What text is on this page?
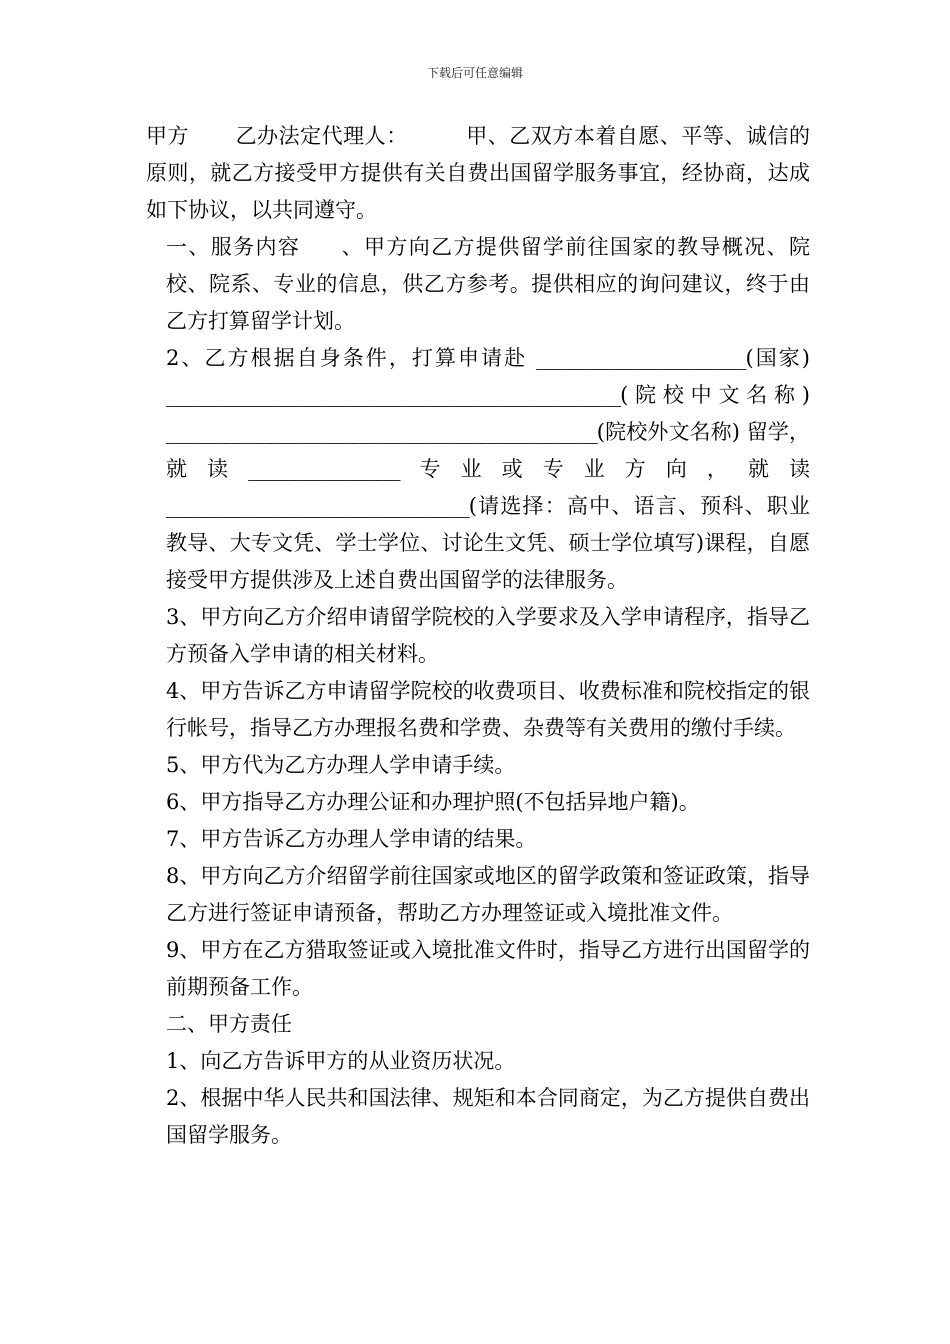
下载后可任意编辑

甲方 乙办法定代理人：	甲、乙双方本着自愿、平等、诚信的原则，就乙方接受甲方提供有关自费出国留学服务事宜，经协商，达成如下协议，以共同遵守。

一、服务内容 、甲方向乙方提供留学前往国家的教导概况、院校、院系、专业的信息，供乙方参考。提供相应的询问建议，终于由乙方打算留学计划。

2、乙方根据自身条件，打算申请赴 __________________(国家) _______________________________________(院校中文名称) _____________________________________(院校外文名称) 留学，就读_____________专业或专业方向，就读 __________________________(请选择：高中、语言、预科、职业教导、大专文凭、学士学位、讨论生文凭、硕士学位填写)课程，自愿接受甲方提供涉及上述自费出国留学的法律服务。

3、甲方向乙方介绍申请留学院校的入学要求及入学申请程序，指导乙方预备入学申请的相关材料。

4、甲方告诉乙方申请留学院校的收费项目、收费标准和院校指定的银行帐号，指导乙方办理报名费和学费、杂费等有关费用的缴付手续。

5、甲方代为乙方办理人学申请手续。

6、甲方指导乙方办理公证和办理护照(不包括异地户籍)。

7、甲方告诉乙方办理人学申请的结果。

8、甲方向乙方介绍留学前往国家或地区的留学政策和签证政策，指导乙方进行签证申请预备，帮助乙方办理签证或入境批准文件。

9、甲方在乙方猎取签证或入境批准文件时，指导乙方进行出国留学的前期预备工作。

二、甲方责任

1、向乙方告诉甲方的从业资历状况。

2、根据中华人民共和国法律、规矩和本合同商定，为乙方提供自费出国留学服务。
